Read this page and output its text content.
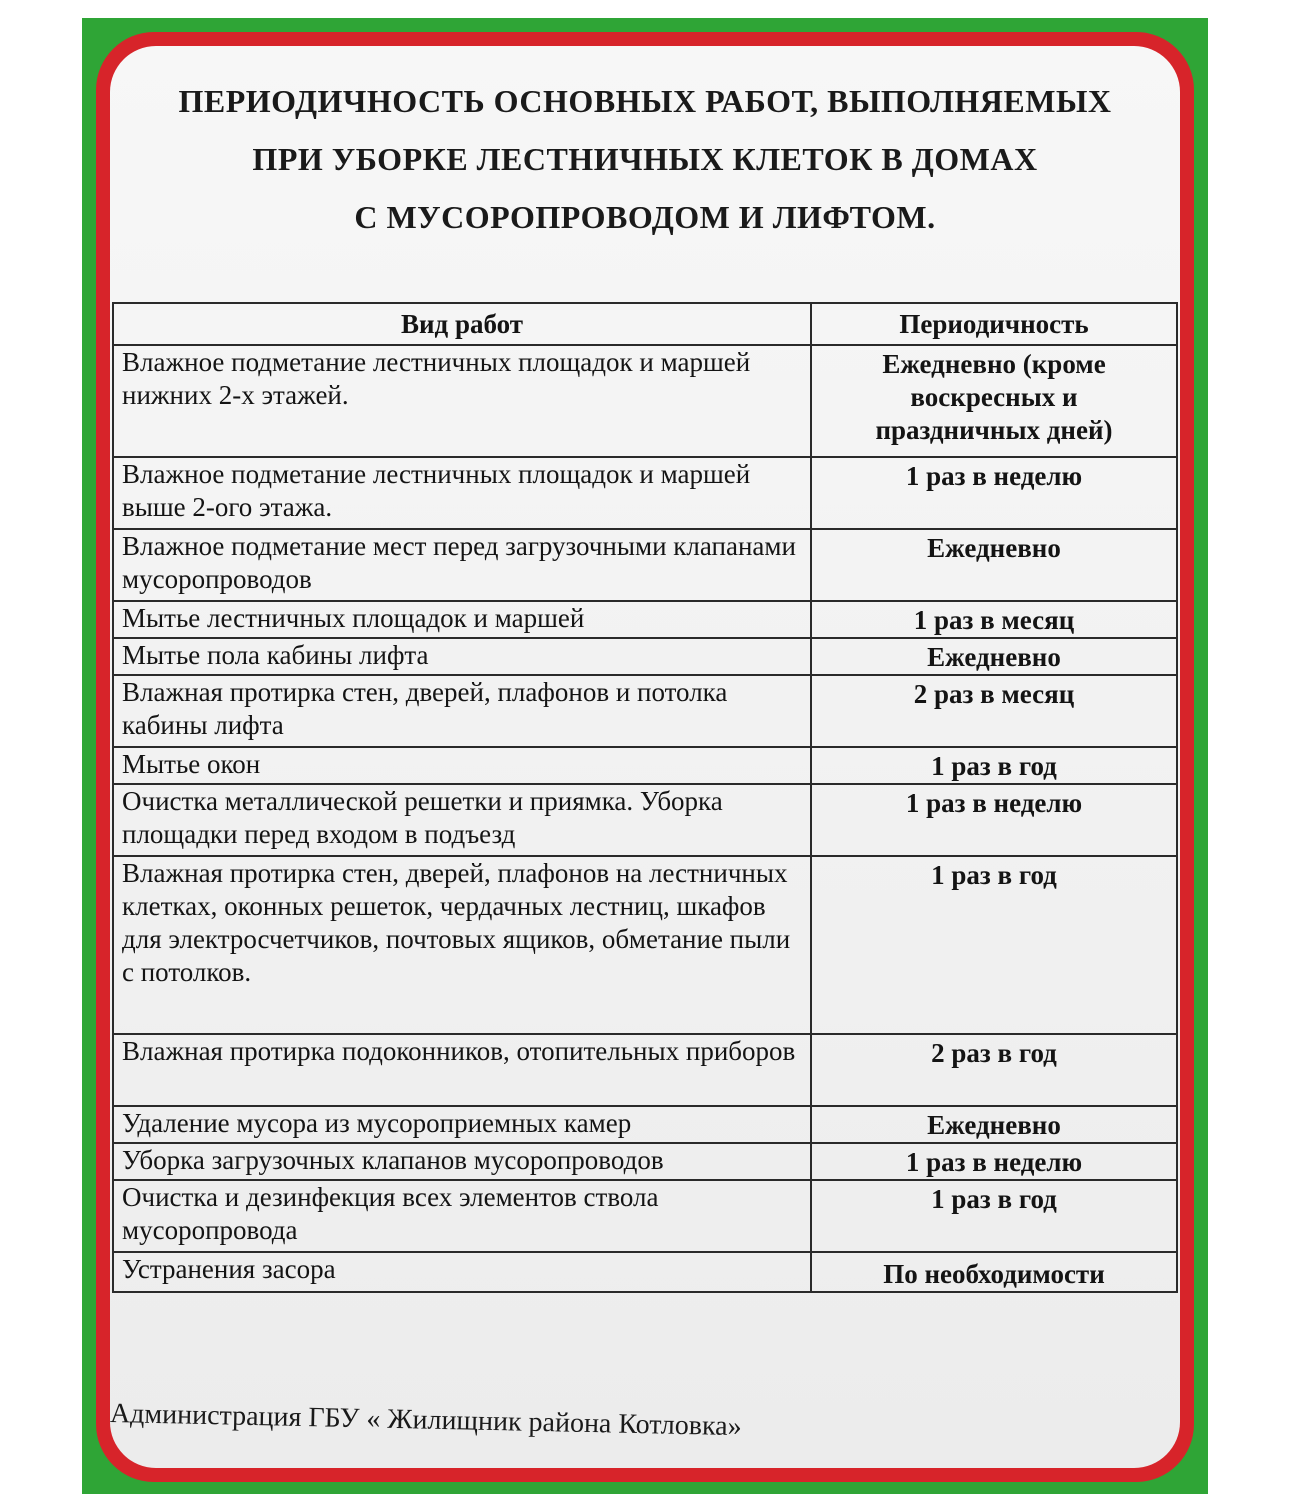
ПЕРИОДИЧНОСТЬ ОСНОВНЫХ РАБОТ, ВЫПОЛНЯЕМЫХ
ПРИ УБОРКЕ ЛЕСТНИЧНЫХ КЛЕТОК В ДОМАХ
С МУСОРОПРОВОДОМ И ЛИФТОМ.
Вид работ	Периодичность
Влажное подметание лестничных площадок и маршей нижних 2-х этажей.	Ежедневно (кроме воскресных и праздничных дней)
Влажное подметание лестничных площадок и маршей выше 2-ого этажа.	1 раз в неделю
Влажное подметание мест перед загрузочными клапанами мусоропроводов	Ежедневно
Мытье лестничных площадок и маршей	1 раз в месяц
Мытье пола кабины лифта	Ежедневно
Влажная протирка стен, дверей, плафонов и потолка кабины лифта	2 раз в месяц
Мытье окон	1 раз в год
Очистка металлической решетки и приямка. Уборка площадки перед входом в подъезд	1 раз в неделю
Влажная протирка стен, дверей, плафонов на лестничных клетках, оконных решеток, чердачных лестниц, шкафов для электросчетчиков, почтовых ящиков, обметание пыли с потолков.	1 раз в год
Влажная протирка подоконников, отопительных приборов	2 раз в год
Удаление мусора из мусороприемных камер	Ежедневно
Уборка загрузочных клапанов мусоропроводов	1 раз в неделю
Очистка и дезинфекция всех элементов ствола мусоропровода	1 раз в год
Устранения засора	По необходимости
Администрация ГБУ « Жилищник района Котловка»
